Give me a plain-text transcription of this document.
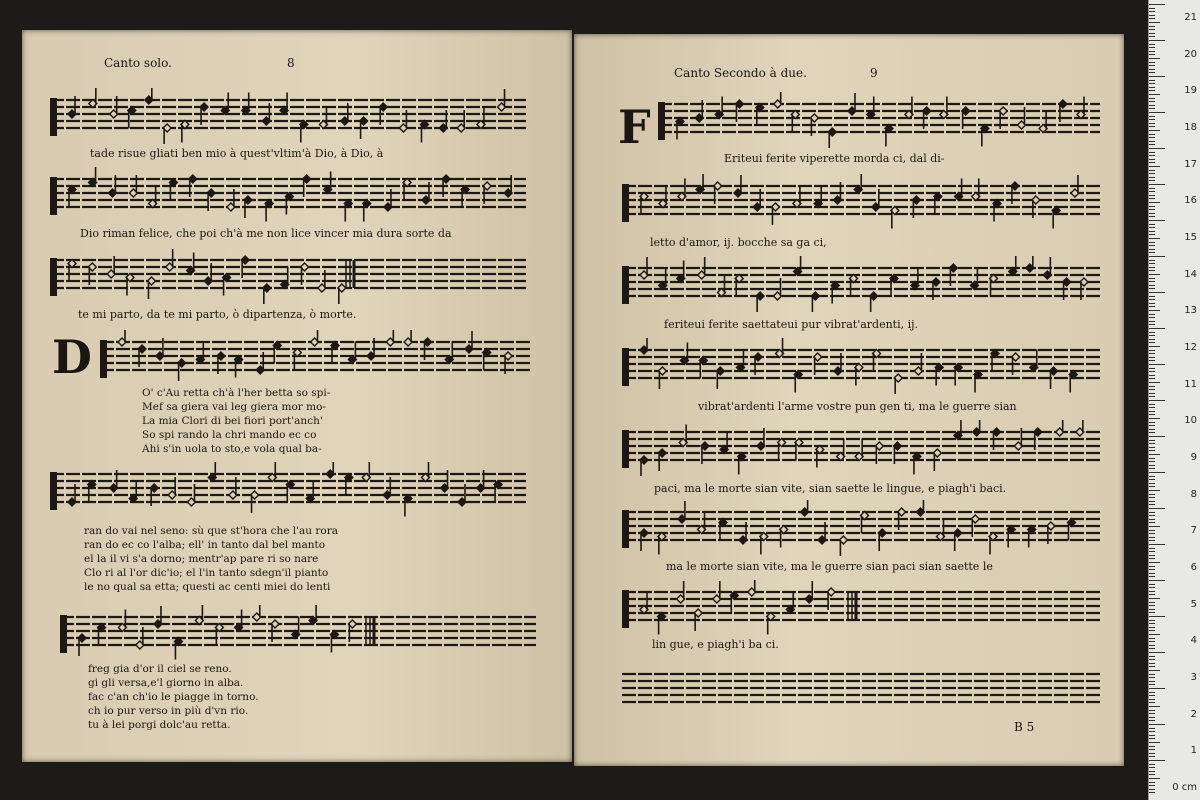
Canto solo.	8
tade risue gliati ben mio à quest'vltim'à Dio, à Dio, à
Dio riman felice, che poi ch'à me non lice vincer mia dura sorte da
te mi parto, da te mi parto, ò dipartenza, ò morte.
D
O' c'Au retta ch'à l'her betta so spi-
Mef sa giera vai leg giera mor mo-
La mia Clori di bei fiori port'anch'
So spi rando la chri mando ec co
Ahi s'in uola to sto,e vola qual ba-
ran do vai nel seno: sù que st'hora che l'au rora
ran do ec co l'alba; ell' in tanto dal bel manto
el la il vi s'a dorno; mentr'ap pare ri so nare
Clo ri al l'or dic'io; el l'in tanto sdegn'il pianto
le no qual sa etta; questi ac centi miei do lenti
freg gia d'or il ciel se reno.
gi gli versa,e'l giorno in alba.
fac c'an ch'io le piagge in torno.
ch io pur verso in più d'vn rio.
tu à lei porgi dolc'au retta.
Canto Secondo à due.	9
F
Eriteui ferite viperette morda ci, dal di-
letto d'amor, ij. bocche sa ga ci,
feriteui ferite saettateui pur vibrat'ardenti, ij.
vibrat'ardenti l'arme vostre pun gen ti, ma le guerre sian
paci, ma le morte sian vite, sian saette le lingue, e piagh'i baci.
ma le morte sian vite, ma le guerre sian paci sian saette le
lin gue, e piagh'i ba ci.
B 5
21
20
19
18
17
16
15
14
13
12
11
10
9
8
7
6
5
4
3
2
1
0 cm
